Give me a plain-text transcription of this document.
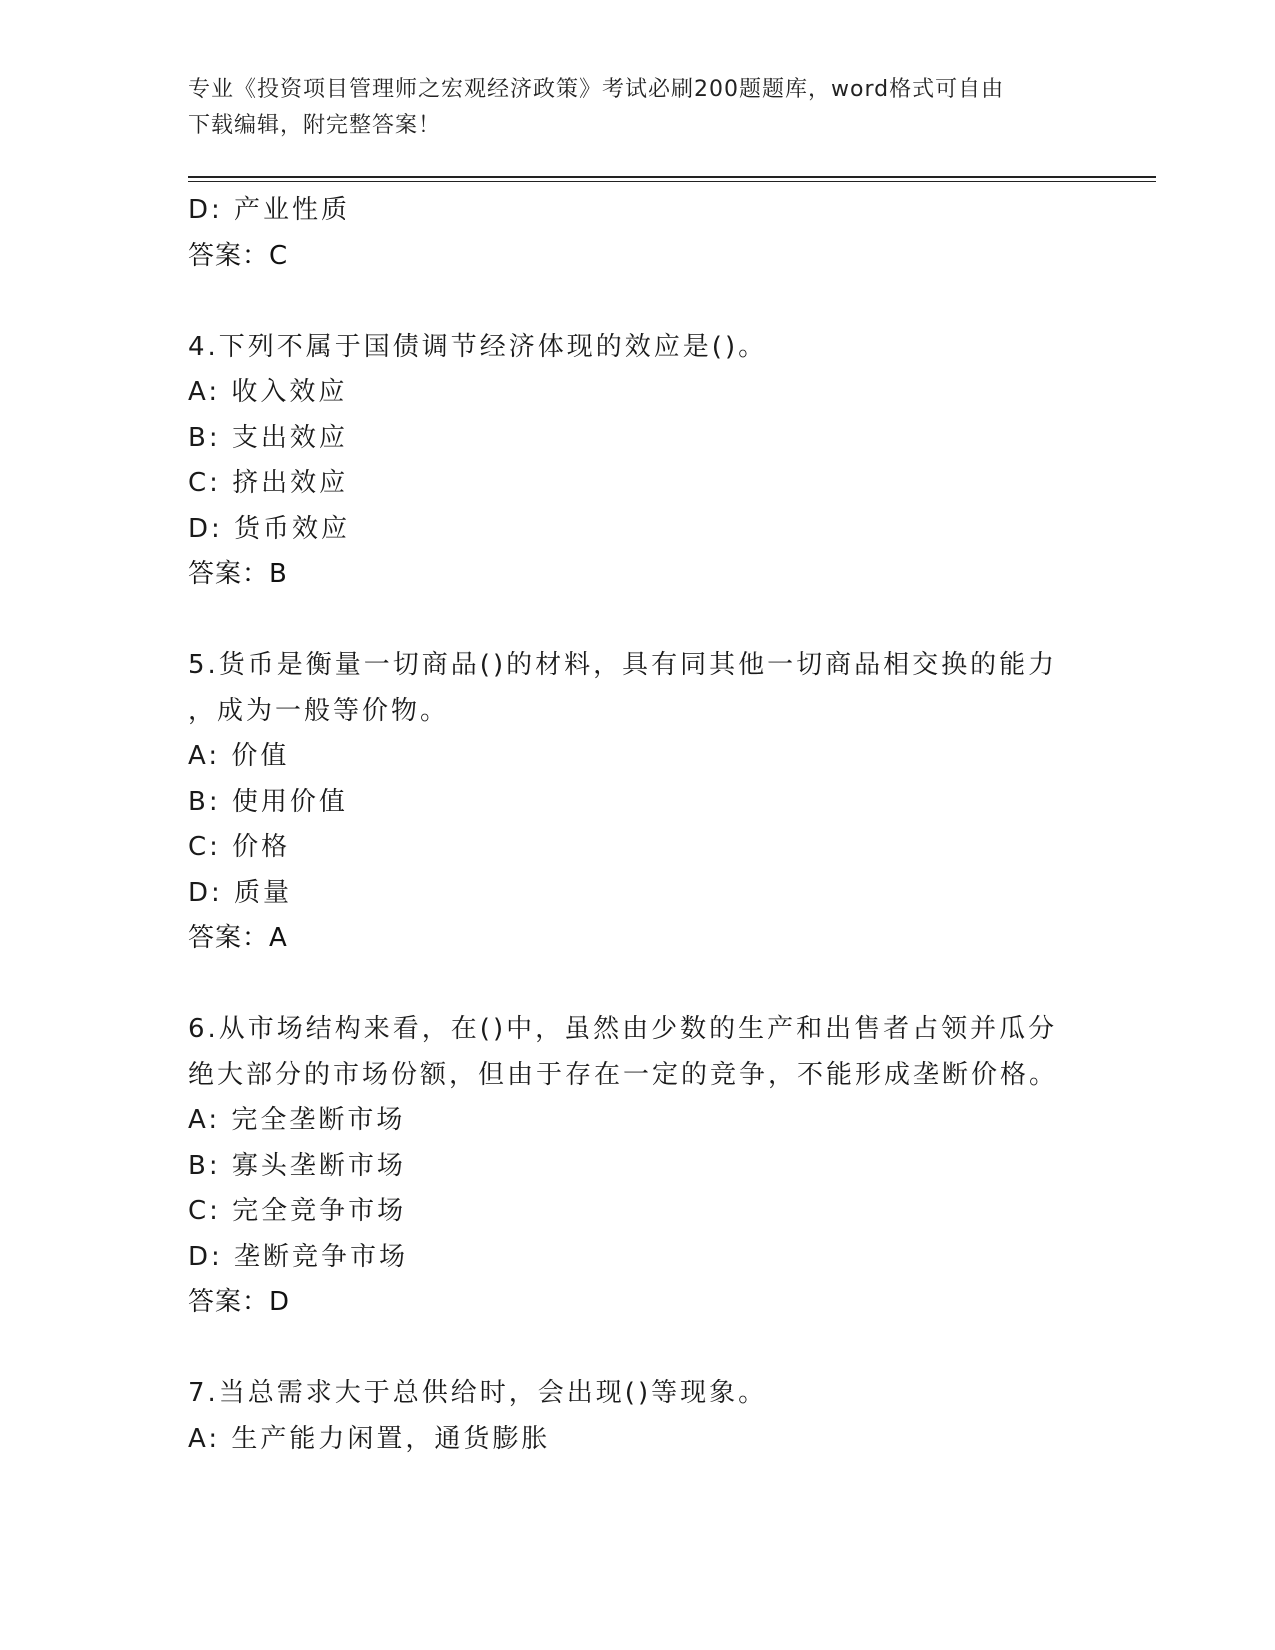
专业《投资项目管理师之宏观经济政策》考试必刷200题题库，word格式可自由
下载编辑，附完整答案！
D: 产业性质
答案：C
4.下列不属于国债调节经济体现的效应是()。
A: 收入效应
B: 支出效应
C: 挤出效应
D: 货币效应
答案：B
5.货币是衡量一切商品()的材料，具有同其他一切商品相交换的能力
，成为一般等价物。
A: 价值
B: 使用价值
C: 价格
D: 质量
答案：A
6.从市场结构来看，在()中，虽然由少数的生产和出售者占领并瓜分
绝大部分的市场份额，但由于存在一定的竞争，不能形成垄断价格。
A: 完全垄断市场
B: 寡头垄断市场
C: 完全竞争市场
D: 垄断竞争市场
答案：D
7.当总需求大于总供给时，会出现()等现象。
A: 生产能力闲置，通货膨胀
